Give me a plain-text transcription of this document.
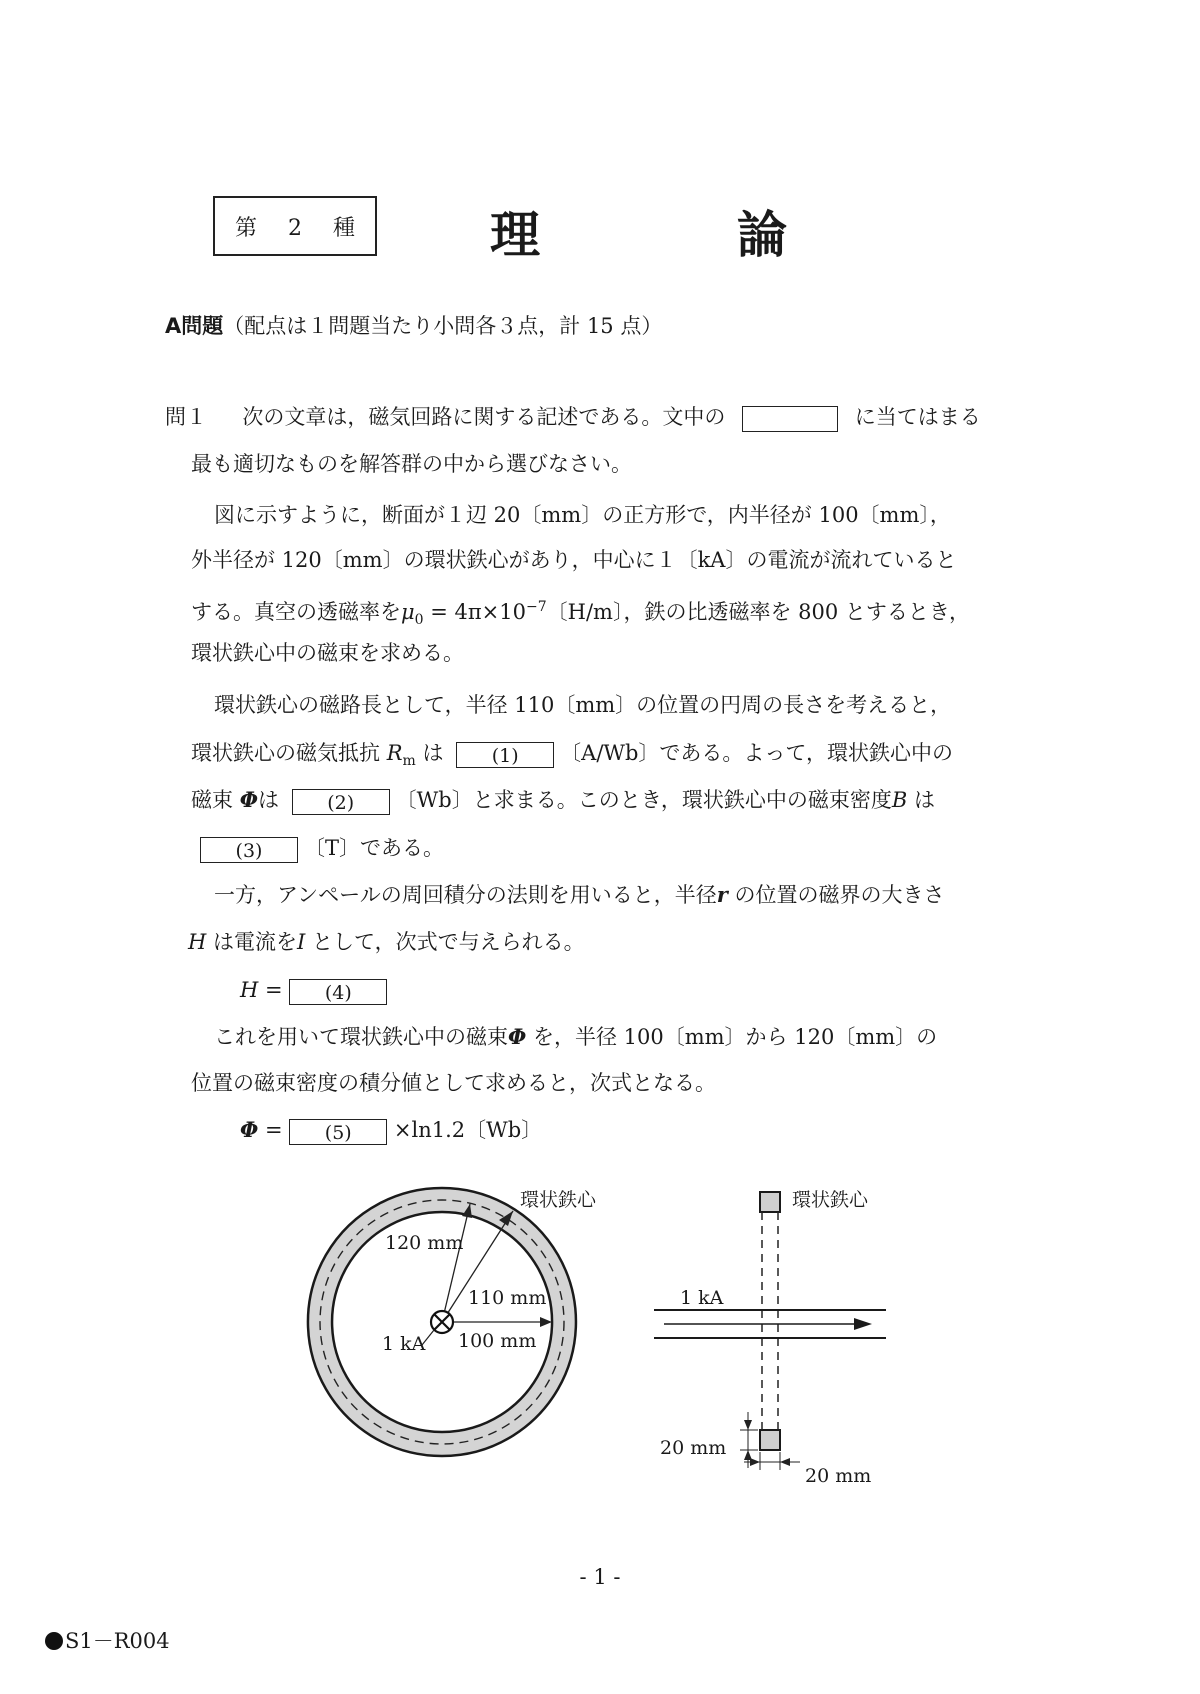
第 2 種 理	論
A問題（配点は１問題当たり小問各３点，計 15 点）
問１ 次の文章は，磁気回路に関する記述である。文中の	に当てはまる
最も適切なものを解答群の中から選びなさい。
図に示すように，断面が１辺 20〔mm〕の正方形で，内半径が 100〔mm〕，
外半径が 120〔mm〕の環状鉄心があり，中心に１〔kA〕の電流が流れていると
する。真空の透磁率を$\mu_0 = 4\pi\times 10^{-7}$〔H/m〕，鉄の比透磁率を 800 とするとき，
環状鉄心中の磁束を求める。
環状鉄心の磁路長として，半径 110〔mm〕の位置の円周の長さを考えると，
環状鉄心の磁気抵抗 $R_m$ は	(1) 〔A/Wb〕である。よって，環状鉄心中の
磁束 Φは	(2) 〔Wb〕と求まる。このとき，環状鉄心中の磁束密度B は
(3) 〔T〕である。
一方，アンペールの周回積分の法則を用いると，半径r の位置の磁界の大きさ
H は電流をI として，次式で与えられる。
H = (4)
これを用いて環状鉄心中の磁束Φ を，半径 100〔mm〕から 120〔mm〕の
位置の磁束密度の積分値として求めると，次式となる。
Φ = (5) ×ln1.2〔Wb〕
環状鉄心
120 mm
110 mm
100 mm
1 kA
環状鉄心
1 kA
20 mm
20 mm
- 1 -
S1－R004
